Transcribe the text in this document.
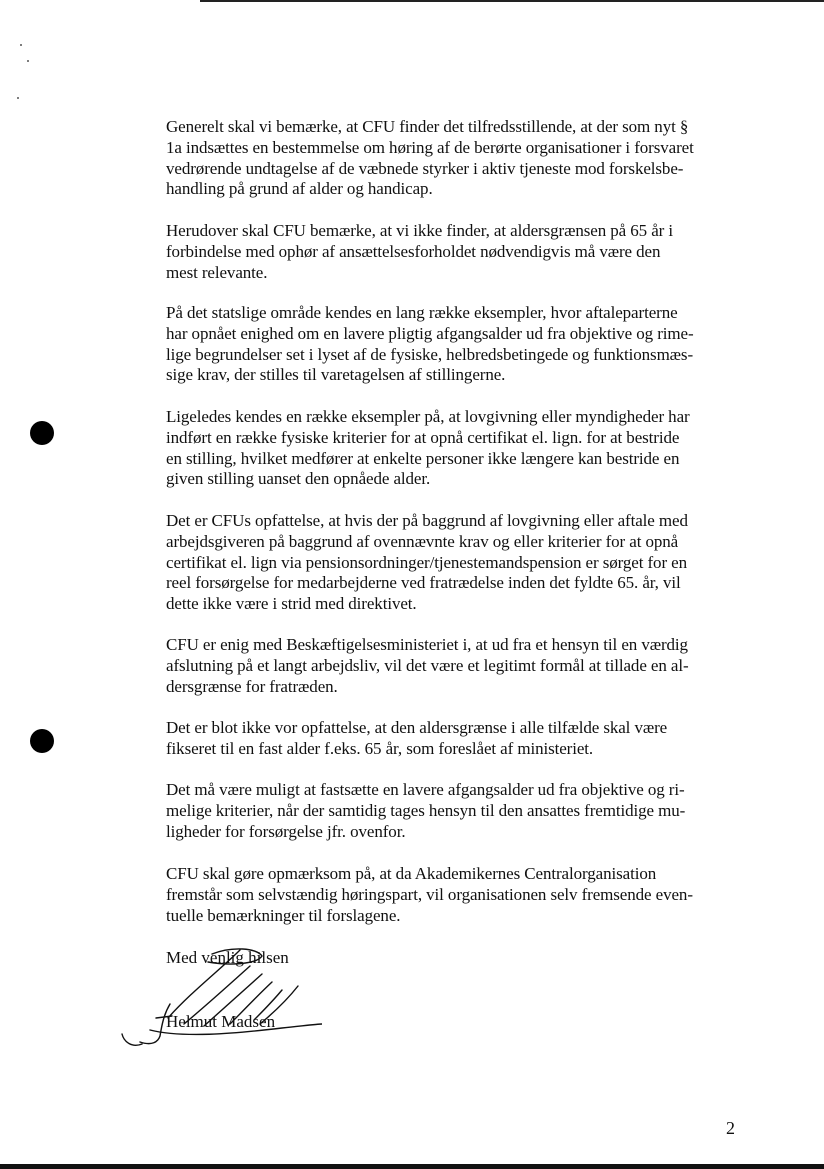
Generelt skal vi bemærke, at CFU finder det tilfredsstillende, at der som nyt §
1a indsættes en bestemmelse om høring af de berørte organisationer i forsvaret
vedrørende undtagelse af de væbnede styrker i aktiv tjeneste mod forskelsbe-
handling på grund af alder og handicap.

Herudover skal CFU bemærke, at vi ikke finder, at aldersgrænsen på 65 år i
forbindelse med ophør af ansættelsesforholdet nødvendigvis må være den
mest relevante.

På det statslige område kendes en lang række eksempler, hvor aftaleparterne
har opnået enighed om en lavere pligtig afgangsalder ud fra objektive og rime-
lige begrundelser set i lyset af de fysiske, helbredsbetingede og funktionsmæs-
sige krav, der stilles til varetagelsen af stillingerne.

Ligeledes kendes en række eksempler på, at lovgivning eller myndigheder har
indført en række fysiske kriterier for at opnå certifikat el. lign. for at bestride
en stilling, hvilket medfører at enkelte personer ikke længere kan bestride en
given stilling uanset den opnåede alder.

Det er CFUs opfattelse, at hvis der på baggrund af lovgivning eller aftale med
arbejdsgiveren på baggrund af ovennævnte krav og eller kriterier for at opnå
certifikat el. lign via pensionsordninger/tjenestemandspension er sørget for en
reel forsørgelse for medarbejderne ved fratrædelse inden det fyldte 65. år, vil
dette ikke være i strid med direktivet.

CFU er enig med Beskæftigelsesministeriet i, at ud fra et hensyn til en værdig
afslutning på et langt arbejdsliv, vil det være et legitimt formål at tillade en al-
dersgrænse for fratræden.

Det er blot ikke vor opfattelse, at den aldersgrænse i alle tilfælde skal være
fikseret til en fast alder f.eks. 65 år, som foreslået af ministeriet.

Det må være muligt at fastsætte en lavere afgangsalder ud fra objektive og ri-
melige kriterier, når der samtidig tages hensyn til den ansattes fremtidige mu-
ligheder for forsørgelse jfr. ovenfor.

CFU skal gøre opmærksom på, at da Akademikernes Centralorganisation
fremstår som selvstændig høringspart, vil organisationen selv fremsende even-
tuelle bemærkninger til forslagene.

Med venlig hilsen
Helmut Madsen
2
